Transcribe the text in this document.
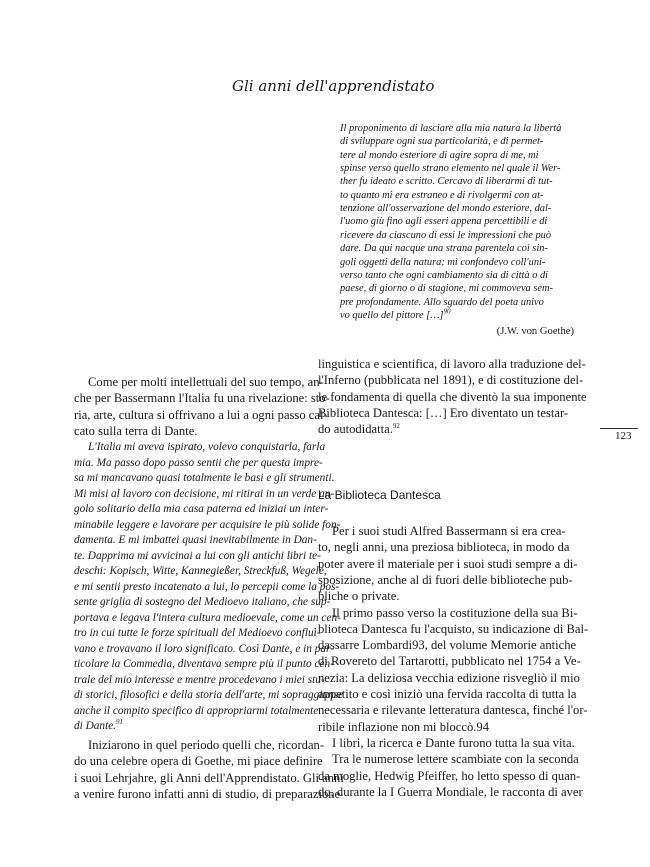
Gli anni dell'apprendistato
Il proponimento di lasciare alla mia natura la libertà
di sviluppare ogni sua particolarità, e di permet-
tere al mondo esteriore di agire sopra di me, mi
spinse verso quello strano elemento nel quale il Wer-
ther fu ideato e scritto. Cercavo di liberarmi di tut-
to quanto mi era estraneo e di rivolgermi con at-
tenzione all'osservazione del mondo esteriore, dal-
l'uomo giù fino agli esseri appena percettibili e di
ricevere da ciascuno di essi le impressioni che può
dare. Da qui nacque una strana parentela coi sin-
goli oggetti della natura; mi confondevo coll'uni-
verso tanto che ogni cambiamento sia di città o di
paese, di giorno o di stagione, mi commoveva sem-
pre profondamente. Allo sguardo del poeta univo
vo quello del pittore […]$^{90}$
(J.W. von Goethe)
Come per molti intellettuali del suo tempo, an-
che per Bassermann l'Italia fu una rivelazione: sto-
ria, arte, cultura si offrivano a lui a ogni passo cal-
cato sulla terra di Dante.
L'Italia mi aveva ispirato, volevo conquistarla, farla
mia. Ma passo dopo passo sentii che per questa impre-
sa mi mancavano quasi totalmente le basi e gli strumenti.
Mi misi al lavoro con decisione, mi ritirai in un verde an-
golo solitario della mia casa paterna ed iniziai un inter-
minabile leggere e lavorare per acquisire le più solide fon-
damenta. E mi imbattei quasi inevitabilmente in Dan-
te. Dapprima mi avvicinai a lui con gli antichi libri te-
deschi: Kopisch, Witte, Kannegießer, Streckfuß, Wegele,
e mi sentii presto incatenato a lui, lo percepii come la pos-
sente griglia di sostegno del Medioevo italiano, che sup-
portava e legava l'intera cultura medioevale, come un cen-
tro in cui tutte le forze spirituali del Medioevo confluì-
vano e trovavano il loro significato. Così Dante, e in par-
ticolare la Commedia, diventava sempre più il punto cen-
trale del mio interesse e mentre procedevano i miei stu-
di storici, filosofici e della storia dell'arte, mi sopraggiunse
anche il compito specifico di appropriarmi totalmente
di Dante.$^{91}$
Iniziarono in quel periodo quelli che, ricordan-
do una celebre opera di Goethe, mi piace definire
i suoi Lehrjahre, gli Anni dell'Apprendistato. Gli anni
a venire furono infatti anni di studio, di preparazione
linguistica e scientifica, di lavoro alla traduzione del-
l'Inferno (pubblicata nel 1891), e di costituzione del-
le fondamenta di quella che diventò la sua imponente
Biblioteca Dantesca: […] Ero diventato un testar-
do autodidatta.$^{92}$
Per i suoi studi Alfred Bassermann si era crea-
to, negli anni, una preziosa biblioteca, in modo da
poter avere il materiale per i suoi studi sempre a di-
sposizione, anche al di fuori delle biblioteche pub-
bliche o private.
Il primo passo verso la costituzione della sua Bi-
blioteca Dantesca fu l'acquisto, su indicazione di Bal-
dassarre Lombardi93, del volume Memorie antiche
di Rovereto del Tartarotti, pubblicato nel 1754 a Ve-
nezia: La deliziosa vecchia edizione risvegliò il mio
appetito e così iniziò una fervida raccolta di tutta la
necessaria e rilevante letteratura dantesca, finché l'or-
ribile inflazione non mi bloccò.94
I libri, la ricerca e Dante furono tutta la sua vita.
Tra le numerose lettere scambiate con la seconda
da moglie, Hedwig Pfeiffer, ho letto spesso di quan-
do, durante la I Guerra Mondiale, le racconta di aver
La Biblioteca Dantesca
123
